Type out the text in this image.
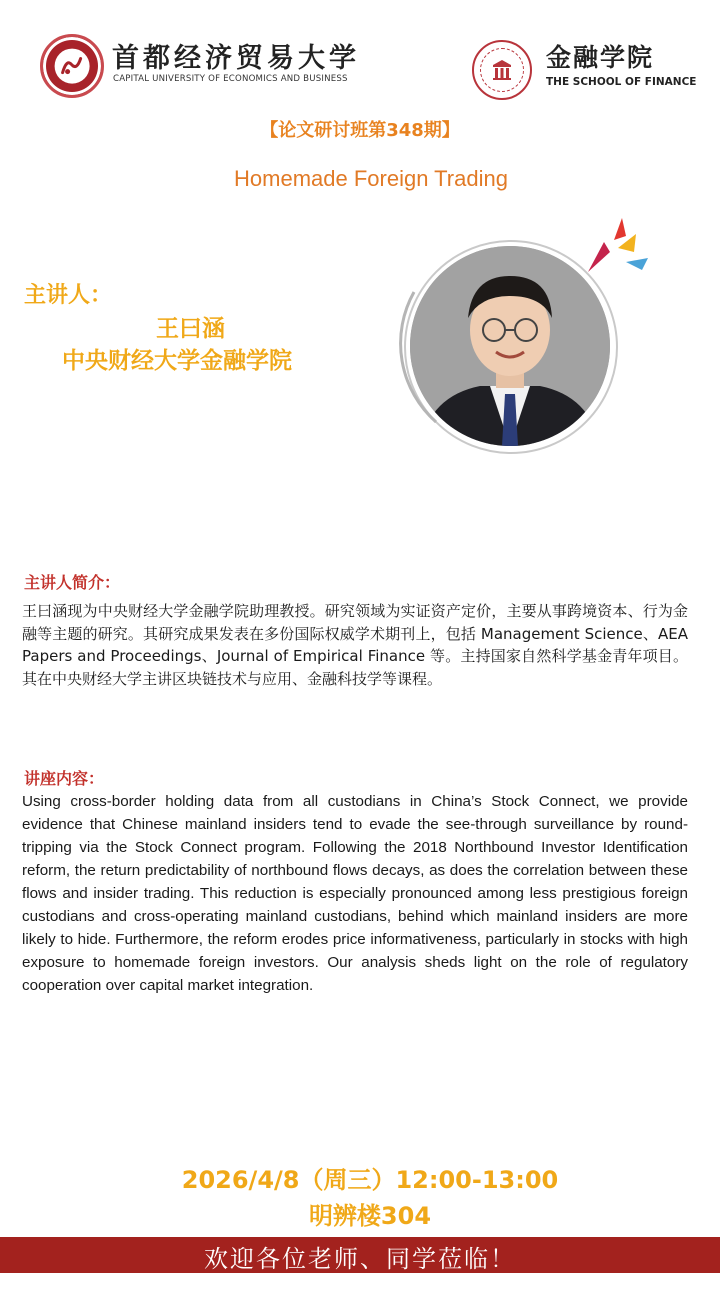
首都经济贸易大学
CAPITAL UNIVERSITY OF ECONOMICS AND BUSINESS
金融学院
THE SCHOOL OF FINANCE
【论文研讨班第348期】
Homemade Foreign Trading
主讲人：
王曰涵
中央财经大学金融学院
主讲人简介：
王曰涵现为中央财经大学金融学院助理教授。研究领域为实证资产定价，主要从事跨境资本、行为金融等主题的研究。其研究成果发表在多份国际权威学术期刊上，包括 Management Science、AEA Papers and Proceedings、Journal of Empirical Finance 等。主持国家自然科学基金青年项目。其在中央财经大学主讲区块链技术与应用、金融科技学等课程。
讲座内容：
Using cross-border holding data from all custodians in China’s Stock Connect, we provide evidence that Chinese mainland insiders tend to evade the see-through surveillance by round-tripping via the Stock Connect program. Following the 2018 Northbound Investor Identification reform, the return predictability of northbound flows decays, as does the correlation between these flows and insider trading. This reduction is especially pronounced among less prestigious foreign custodians and cross-operating mainland custodians, behind which mainland insiders are more likely to hide. Furthermore, the reform erodes price informativeness, particularly in stocks with high exposure to homemade foreign investors. Our analysis sheds light on the role of regulatory cooperation over capital market integration.
2026/4/8（周三）12:00-13:00
明辨楼304
欢迎各位老师、同学莅临！
